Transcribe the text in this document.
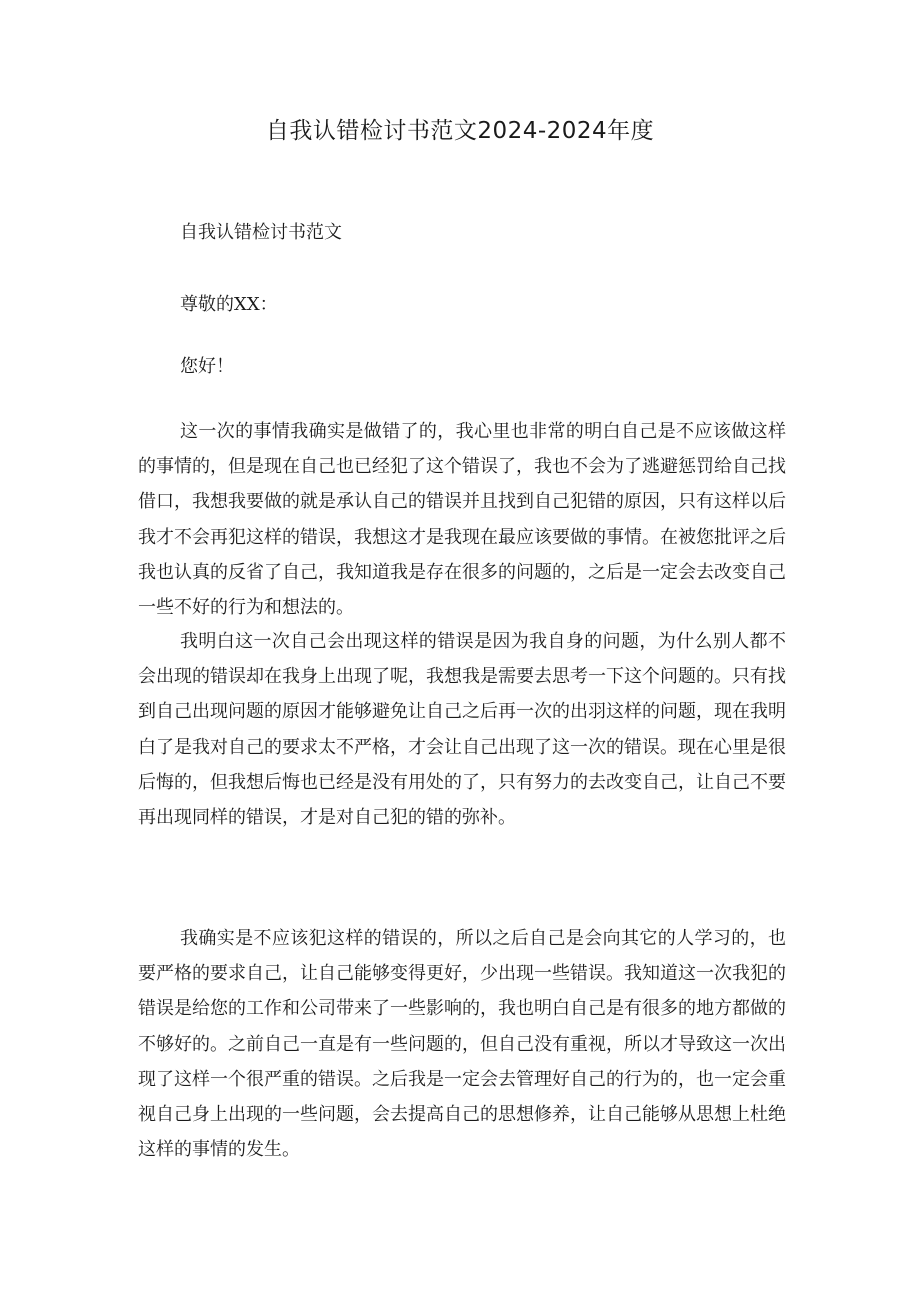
自我认错检讨书范文2024-2024年度
自我认错检讨书范文
尊敬的XX：
您好！

这一次的事情我确实是做错了的，我心里也非常的明白自己是不应该做这样的事情的，但是现在自己也已经犯了这个错误了，我也不会为了逃避惩罚给自己找借口，我想我要做的就是承认自己的错误并且找到自己犯错的原因，只有这样以后我才不会再犯这样的错误，我想这才是我现在最应该要做的事情。在被您批评之后我也认真的反省了自己，我知道我是存在很多的问题的，之后是一定会去改变自己一些不好的行为和想法的。

我明白这一次自己会出现这样的错误是因为我自身的问题，为什么别人都不会出现的错误却在我身上出现了呢，我想我是需要去思考一下这个问题的。只有找到自己出现问题的原因才能够避免让自己之后再一次的出羽这样的问题，现在我明白了是我对自己的要求太不严格，才会让自己出现了这一次的错误。现在心里是很后悔的，但我想后悔也已经是没有用处的了，只有努力的去改变自己，让自己不要再出现同样的错误，才是对自己犯的错的弥补。

我确实是不应该犯这样的错误的，所以之后自己是会向其它的人学习的，也要严格的要求自己，让自己能够变得更好，少出现一些错误。我知道这一次我犯的错误是给您的工作和公司带来了一些影响的，我也明白自己是有很多的地方都做的不够好的。之前自己一直是有一些问题的，但自己没有重视，所以才导致这一次出现了这样一个很严重的错误。之后我是一定会去管理好自己的行为的，也一定会重视自己身上出现的一些问题，会去提高自己的思想修养，让自己能够从思想上杜绝这样的事情的发生。
